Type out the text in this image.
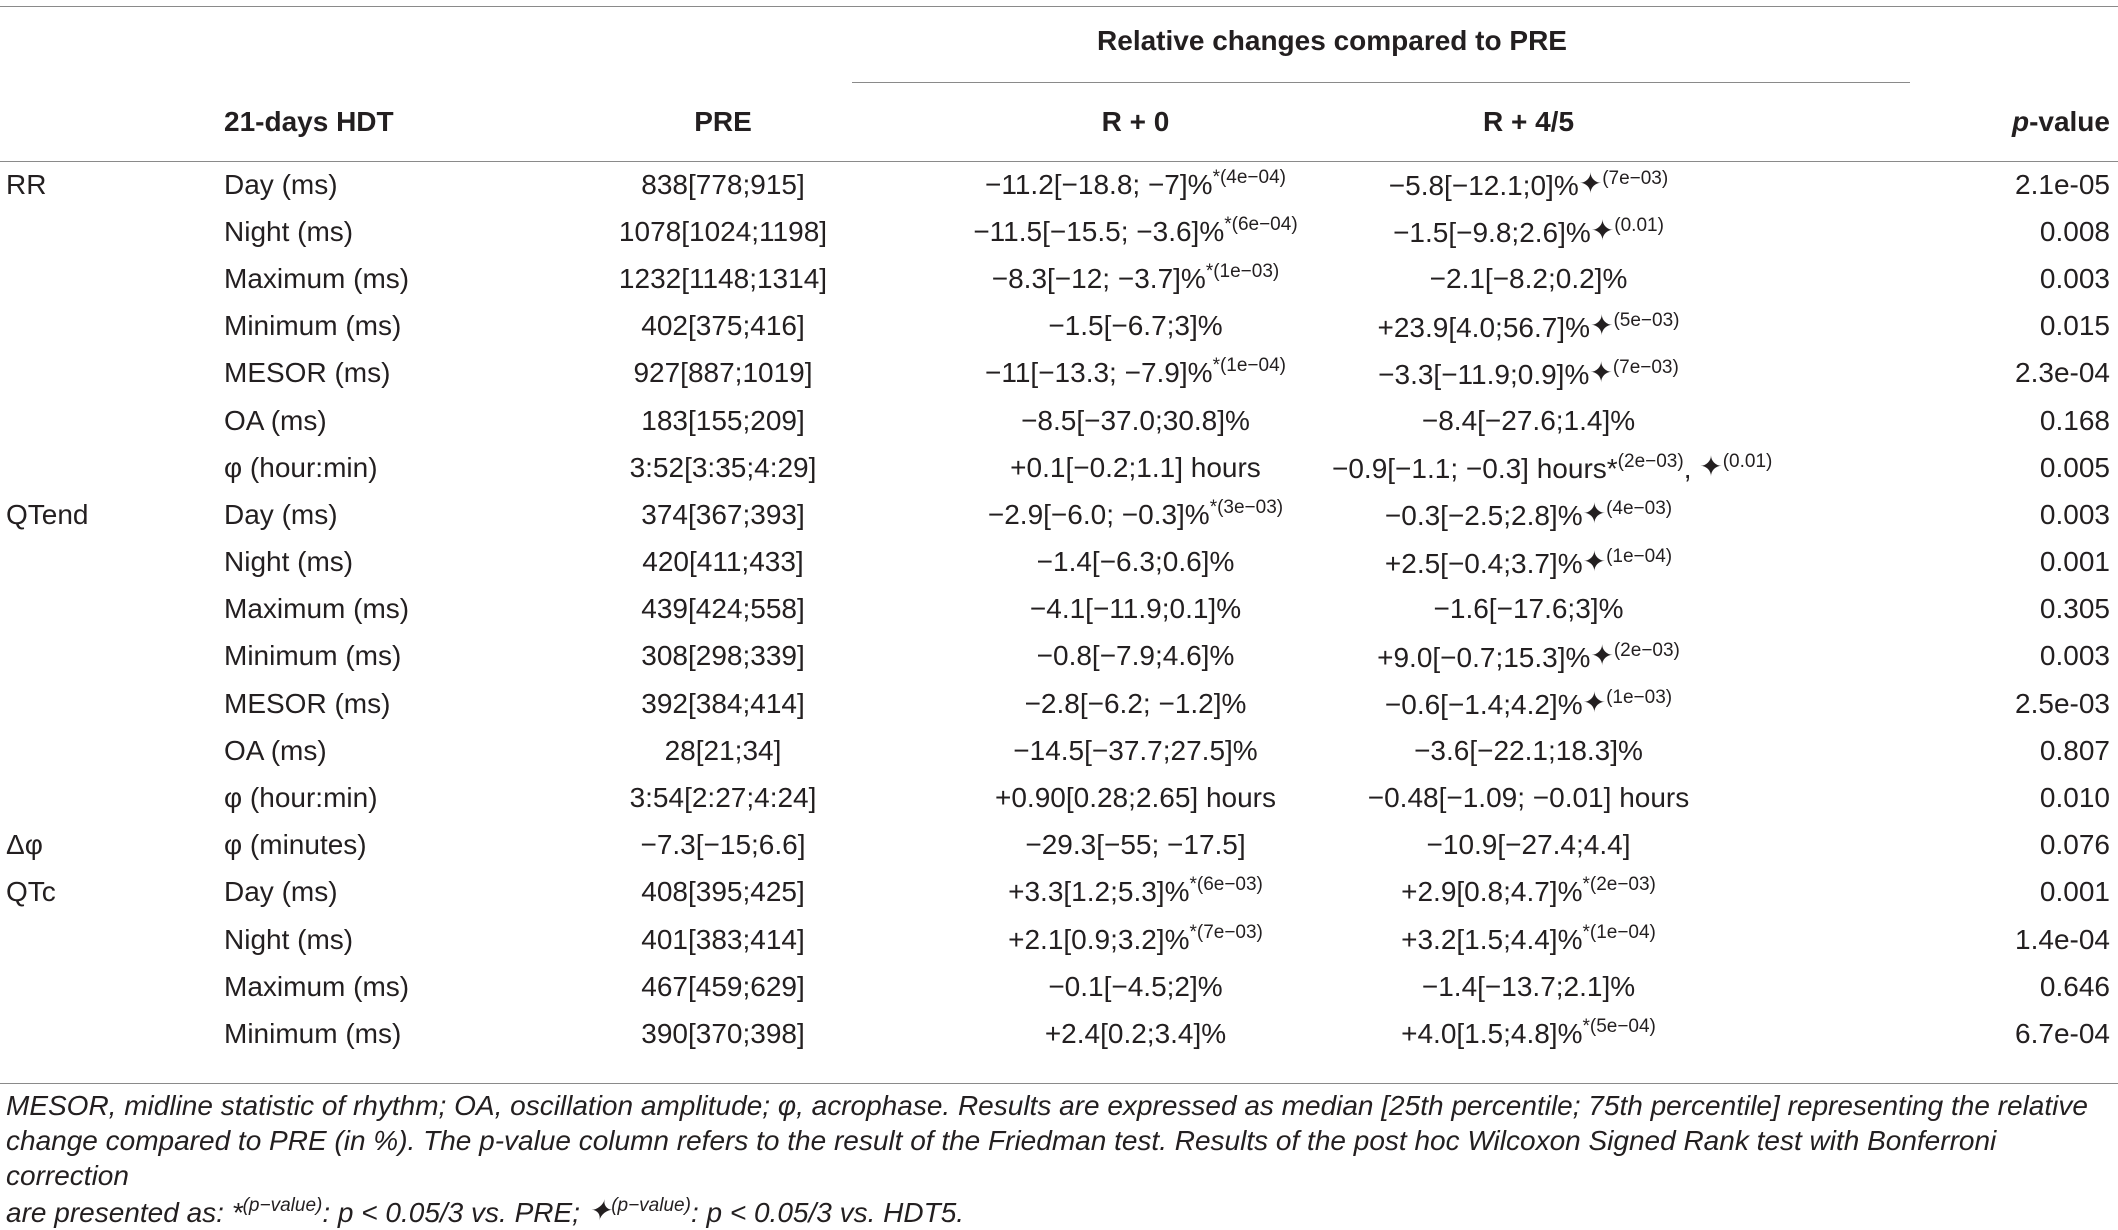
			Relative changes compared to PRE		
	21-days HDT	PRE	R + 0	R + 4/5	p-value
RR	Day (ms)	838[778;915]	−11.2[−18.8; −7]%$^{*(4e-04)}$	−5.8[−12.1;0]%✦$^{(7e-03)}$	2.1e-05
	Night (ms)	1078[1024;1198]	−11.5[−15.5; −3.6]%$^{*(6e-04)}$	−1.5[−9.8;2.6]%✦$^{(0.01)}$	0.008
	Maximum (ms)	1232[1148;1314]	−8.3[−12; −3.7]%$^{*(1e-03)}$	−2.1[−8.2;0.2]%	0.003
	Minimum (ms)	402[375;416]	−1.5[−6.7;3]%	+23.9[4.0;56.7]%✦$^{(5e-03)}$	0.015
	MESOR (ms)	927[887;1019]	−11[−13.3; −7.9]%$^{*(1e-04)}$	−3.3[−11.9;0.9]%✦$^{(7e-03)}$	2.3e-04
	OA (ms)	183[155;209]	−8.5[−37.0;30.8]%	−8.4[−27.6;1.4]%	0.168
	φ (hour:min)	3:52[3:35;4:29]	+0.1[−0.2;1.1] hours	−0.9[−1.1; −0.3] hours*$^{(2e-03)}$, ✦$^{(0.01)}$	0.005
QTend	Day (ms)	374[367;393]	−2.9[−6.0; −0.3]%$^{*(3e-03)}$	−0.3[−2.5;2.8]%✦$^{(4e-03)}$	0.003
	Night (ms)	420[411;433]	−1.4[−6.3;0.6]%	+2.5[−0.4;3.7]%✦$^{(1e-04)}$	0.001
	Maximum (ms)	439[424;558]	−4.1[−11.9;0.1]%	−1.6[−17.6;3]%	0.305
	Minimum (ms)	308[298;339]	−0.8[−7.9;4.6]%	+9.0[−0.7;15.3]%✦$^{(2e-03)}$	0.003
	MESOR (ms)	392[384;414]	−2.8[−6.2; −1.2]%	−0.6[−1.4;4.2]%✦$^{(1e-03)}$	2.5e-03
	OA (ms)	28[21;34]	−14.5[−37.7;27.5]%	−3.6[−22.1;18.3]%	0.807
	φ (hour:min)	3:54[2:27;4:24]	+0.90[0.28;2.65] hours	−0.48[−1.09; −0.01] hours	0.010
Δφ	φ (minutes)	−7.3[−15;6.6]	−29.3[−55; −17.5]	−10.9[−27.4;4.4]	0.076
QTc	Day (ms)	408[395;425]	+3.3[1.2;5.3]%$^{*(6e-03)}$	+2.9[0.8;4.7]%$^{*(2e-03)}$	0.001
	Night (ms)	401[383;414]	+2.1[0.9;3.2]%$^{*(7e-03)}$	+3.2[1.5;4.4]%$^{*(1e-04)}$	1.4e-04
	Maximum (ms)	467[459;629]	−0.1[−4.5;2]%	−1.4[−13.7;2.1]%	0.646
	Minimum (ms)	390[370;398]	+2.4[0.2;3.4]%	+4.0[1.5;4.8]%$^{*(5e-04)}$	6.7e-04
MESOR, midline statistic of rhythm; OA, oscillation amplitude; φ, acrophase. Results are expressed as median [25th percentile; 75th percentile] representing the relative
change compared to PRE (in %). The p-value column refers to the result of the Friedman test. Results of the post hoc Wilcoxon Signed Rank test with Bonferroni correction
are presented as: *$^{(p-value)}$: p < 0.05/3 vs. PRE; ✦$^{(p-value)}$: p < 0.05/3 vs. HDT5.
